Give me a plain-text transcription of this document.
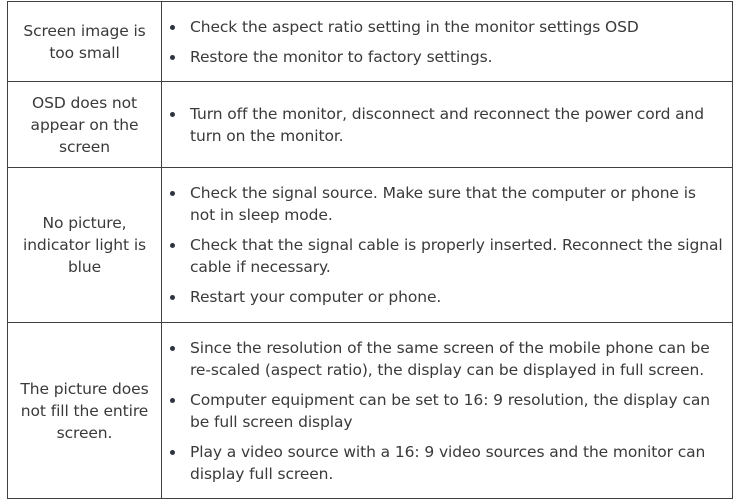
Screen image is too small	
Check the aspect ratio setting in the monitor settings OSD
Restore the monitor to factory settings.

OSD does not appear on the screen	
Turn off the monitor, disconnect and reconnect the power cord and turn on the monitor.

No picture, indicator light is blue	
Check the signal source. Make sure that the computer or phone is not in sleep mode.
Check that the signal cable is properly inserted. Reconnect the signal cable if necessary.
Restart your computer or phone.

The picture does not fill the entire screen.	
Since the resolution of the same screen of the mobile phone can be re-scaled (aspect ratio), the display can be displayed in full screen.
Computer equipment can be set to 16: 9 resolution, the display can be full screen display
Play a video source with a 16: 9 video sources and the monitor can display full screen.
